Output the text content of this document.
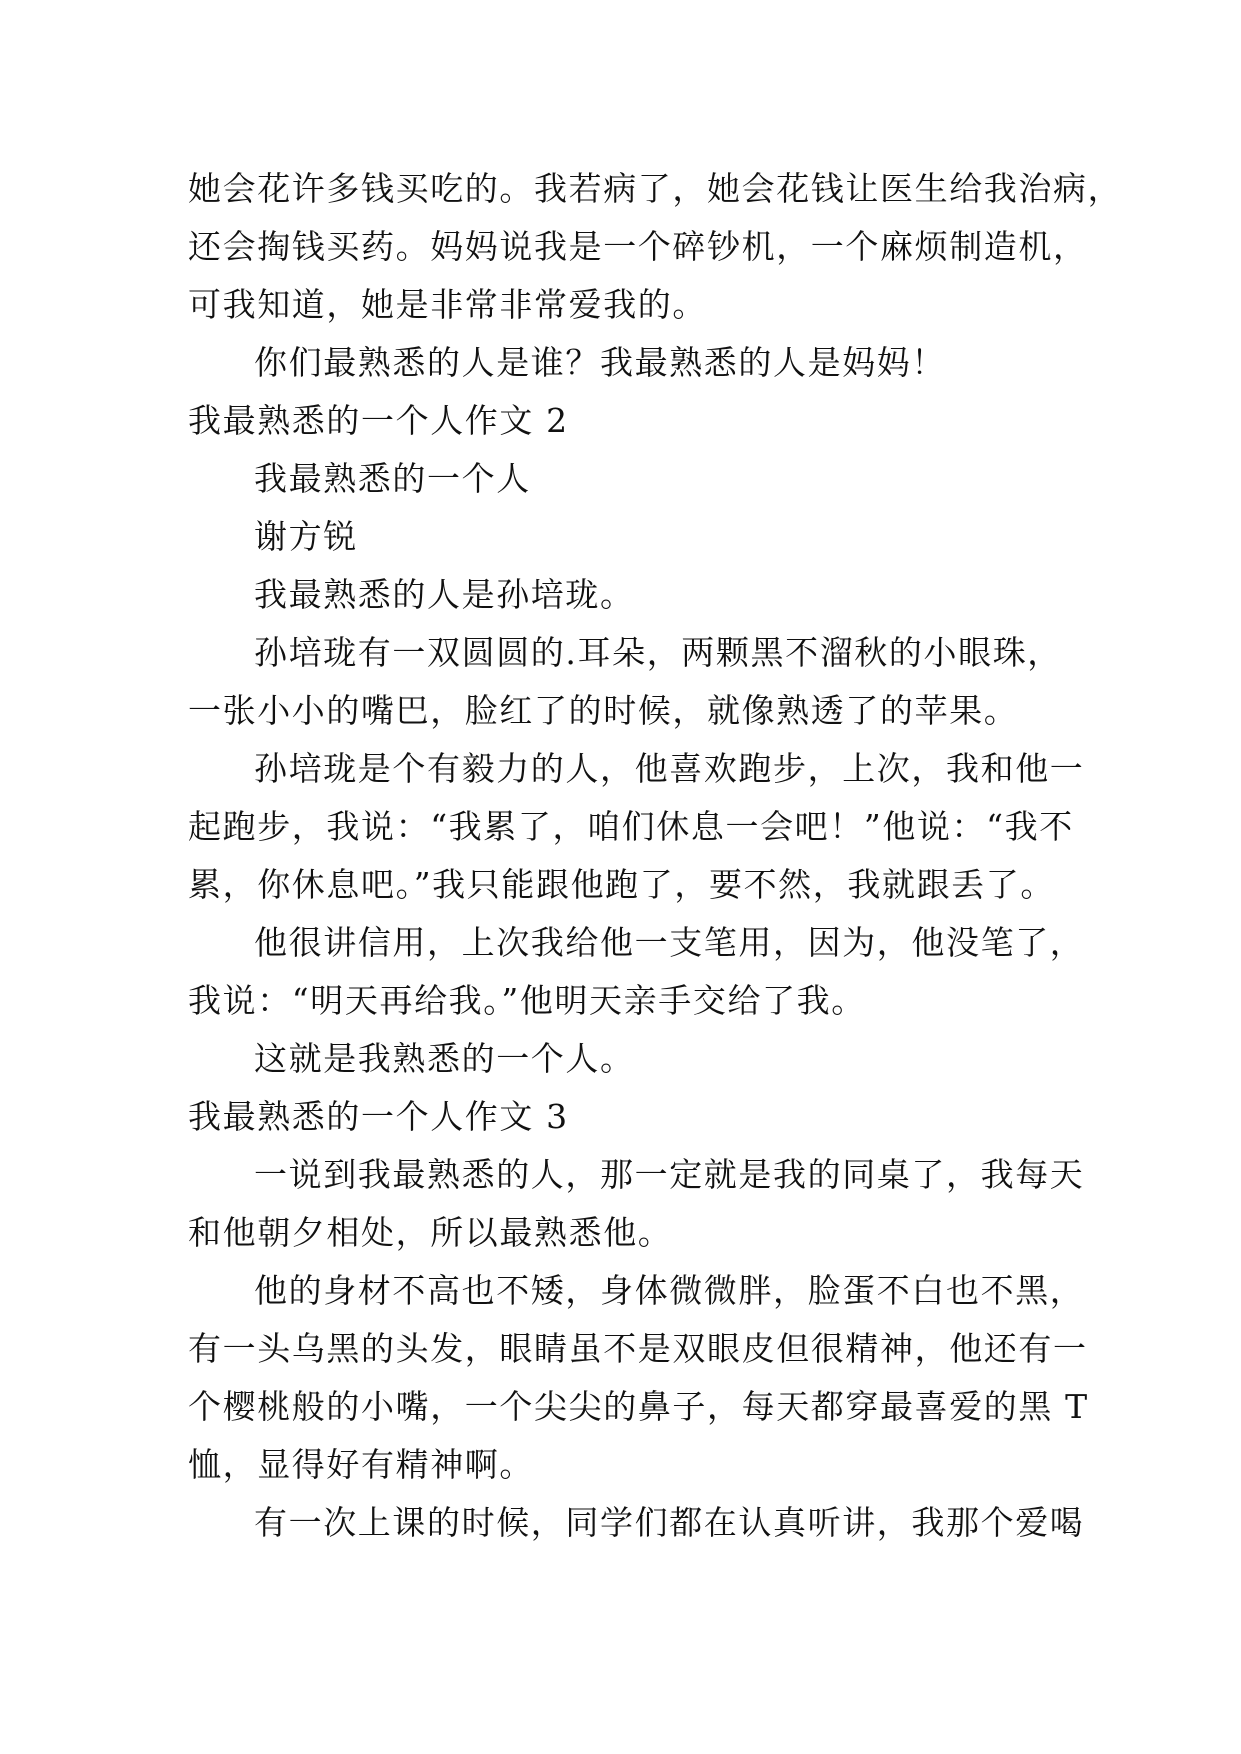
她会花许多钱买吃的。我若病了，她会花钱让医生给我治病，

还会掏钱买药。妈妈说我是一个碎钞机，一个麻烦制造机，

可我知道，她是非常非常爱我的。

你们最熟悉的人是谁？我最熟悉的人是妈妈！

我最熟悉的一个人作文 2

我最熟悉的一个人

谢方锐

我最熟悉的人是孙培珑。

孙培珑有一双圆圆的.耳朵，两颗黑不溜秋的小眼珠，

一张小小的嘴巴，脸红了的时候，就像熟透了的苹果。

孙培珑是个有毅力的人，他喜欢跑步，上次，我和他一

起跑步，我说：“我累了，咱们休息一会吧！”他说：“我不

累，你休息吧。”我只能跟他跑了，要不然，我就跟丢了。

他很讲信用，上次我给他一支笔用，因为，他没笔了，

我说：“明天再给我。”他明天亲手交给了我。

这就是我熟悉的一个人。

我最熟悉的一个人作文 3

一说到我最熟悉的人，那一定就是我的同桌了，我每天

和他朝夕相处，所以最熟悉他。

他的身材不高也不矮，身体微微胖，脸蛋不白也不黑，

有一头乌黑的头发，眼睛虽不是双眼皮但很精神，他还有一

个樱桃般的小嘴，一个尖尖的鼻子，每天都穿最喜爱的黑 T

恤，显得好有精神啊。

有一次上课的时候，同学们都在认真听讲，我那个爱喝
